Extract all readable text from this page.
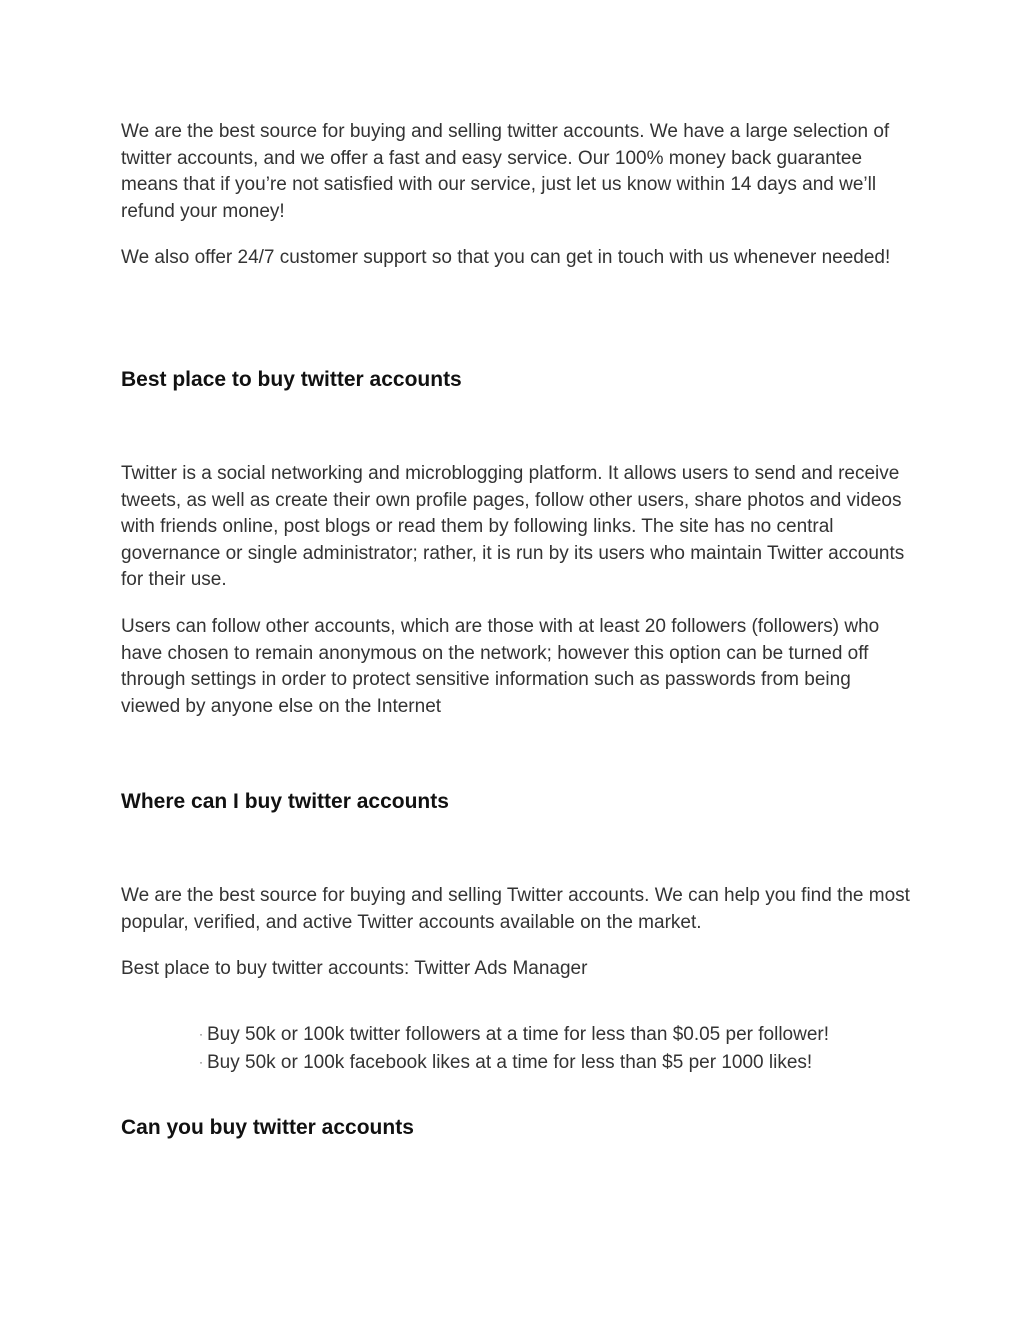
We are the best source for buying and selling twitter accounts. We have a large selection of twitter accounts, and we offer a fast and easy service. Our 100% money back guarantee means that if you’re not satisfied with our service, just let us know within 14 days and we’ll refund your money!

We also offer 24/7 customer support so that you can get in touch with us whenever needed!

Best place to buy twitter accounts

Twitter is a social networking and microblogging platform. It allows users to send and receive tweets, as well as create their own profile pages, follow other users, share photos and videos with friends online, post blogs or read them by following links. The site has no central governance or single administrator; rather, it is run by its users who maintain Twitter accounts for their use.

Users can follow other accounts, which are those with at least 20 followers (followers) who have chosen to remain anonymous on the network; however this option can be turned off through settings in order to protect sensitive information such as passwords from being viewed by anyone else on the Internet

Where can I buy twitter accounts

We are the best source for buying and selling Twitter accounts. We can help you find the most popular, verified, and active Twitter accounts available on the market.

Best place to buy twitter accounts: Twitter Ads Manager

· Buy 50k or 100k twitter followers at a time for less than $0.05 per follower!
· Buy 50k or 100k facebook likes at a time for less than $5 per 1000 likes!
Can you buy twitter accounts
